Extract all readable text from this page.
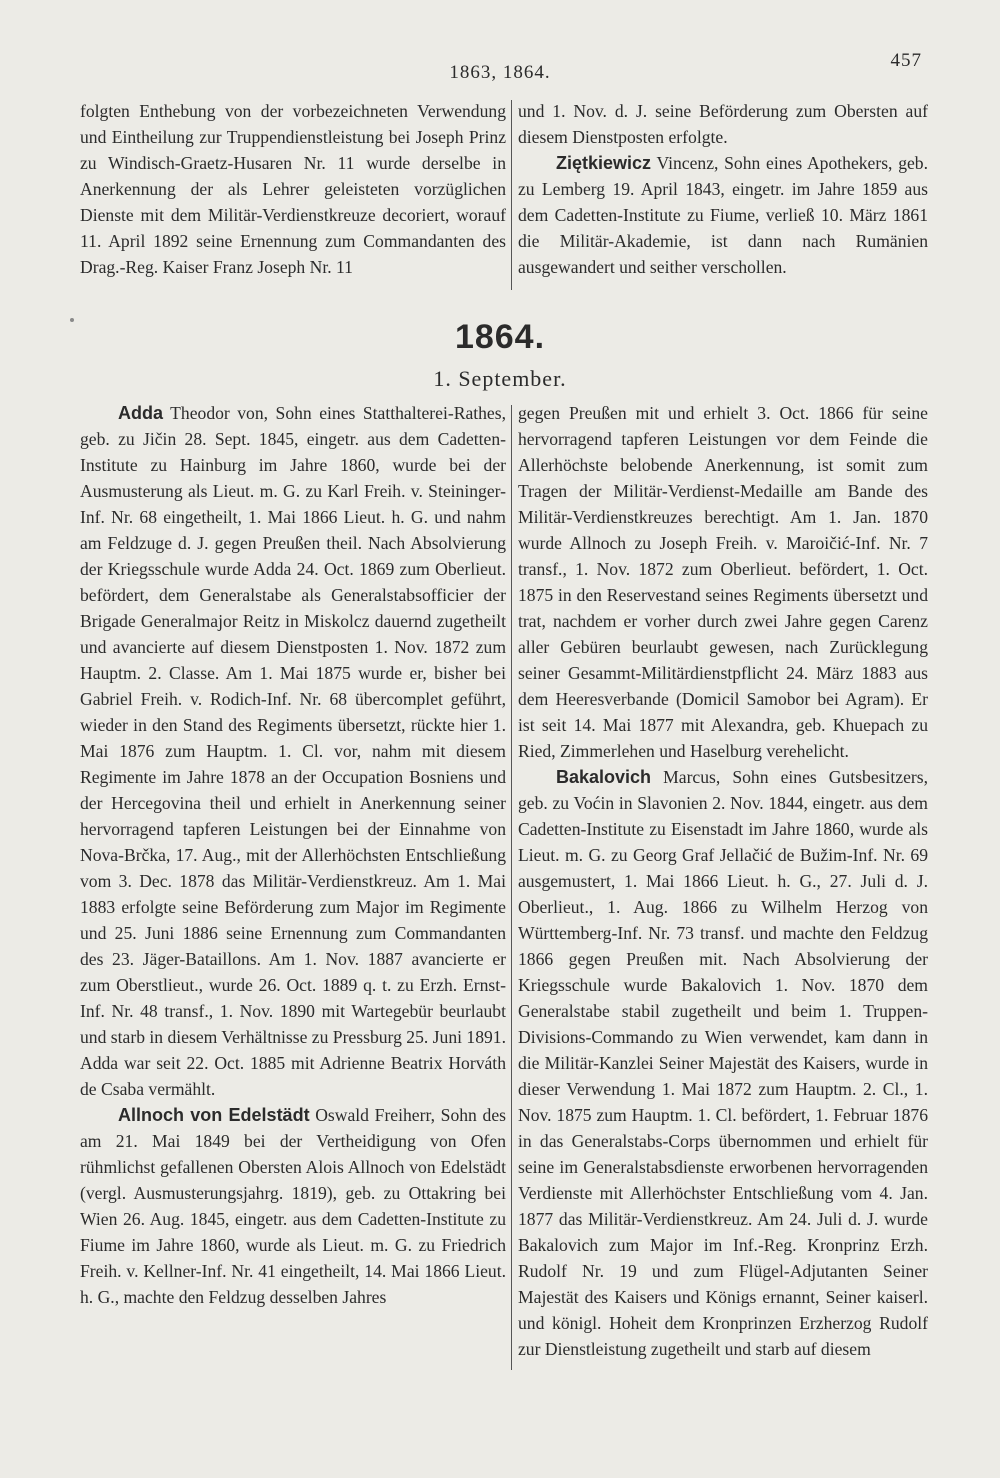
1863, 1864.
457

folgten Enthebung von der vorbezeichneten Verwendung und Eintheilung zur Truppendienstleistung bei Joseph Prinz zu Windisch-Graetz-Husaren Nr. 11 wurde derselbe in Anerkennung der als Lehrer geleisteten vorzüglichen Dienste mit dem Militär-Verdienstkreuze decoriert, worauf 11. April 1892 seine Ernennung zum Commandanten des Drag.-Reg. Kaiser Franz Joseph Nr. 11

und 1. Nov. d. J. seine Beförderung zum Obersten auf diesem Dienstposten erfolgte.

Ziętkiewicz Vincenz, Sohn eines Apothekers, geb. zu Lemberg 19. April 1843, eingetr. im Jahre 1859 aus dem Cadetten-Institute zu Fiume, verließ 10. März 1861 die Militär-Akademie, ist dann nach Rumänien ausgewandert und seither verschollen.

1864.
1. September.

Adda Theodor von, Sohn eines Statthalterei-Rathes, geb. zu Jičin 28. Sept. 1845, eingetr. aus dem Cadetten-Institute zu Hainburg im Jahre 1860, wurde bei der Ausmusterung als Lieut. m. G. zu Karl Freih. v. Steininger-Inf. Nr. 68 eingetheilt, 1. Mai 1866 Lieut. h. G. und nahm am Feldzuge d. J. gegen Preußen theil. Nach Absolvierung der Kriegsschule wurde Adda 24. Oct. 1869 zum Oberlieut. befördert, dem Generalstabe als Generalstabsofficier der Brigade Generalmajor Reitz in Miskolcz dauernd zugetheilt und avancierte auf diesem Dienstposten 1. Nov. 1872 zum Hauptm. 2. Classe. Am 1. Mai 1875 wurde er, bisher bei Gabriel Freih. v. Rodich-Inf. Nr. 68 übercomplet geführt, wieder in den Stand des Regiments übersetzt, rückte hier 1. Mai 1876 zum Hauptm. 1. Cl. vor, nahm mit diesem Regimente im Jahre 1878 an der Occupation Bosniens und der Hercegovina theil und erhielt in Anerkennung seiner hervorragend tapferen Leistungen bei der Einnahme von Nova-Brčka, 17. Aug., mit der Allerhöchsten Entschließung vom 3. Dec. 1878 das Militär-Verdienstkreuz. Am 1. Mai 1883 erfolgte seine Beförderung zum Major im Regimente und 25. Juni 1886 seine Ernennung zum Commandanten des 23. Jäger-Bataillons. Am 1. Nov. 1887 avancierte er zum Oberstlieut., wurde 26. Oct. 1889 q. t. zu Erzh. Ernst-Inf. Nr. 48 transf., 1. Nov. 1890 mit Wartegebür beurlaubt und starb in diesem Verhältnisse zu Pressburg 25. Juni 1891. Adda war seit 22. Oct. 1885 mit Adrienne Beatrix Horváth de Csaba vermählt.

Allnoch von Edelstädt Oswald Freiherr, Sohn des am 21. Mai 1849 bei der Vertheidigung von Ofen rühmlichst gefallenen Obersten Alois Allnoch von Edelstädt (vergl. Ausmusterungsjahrg. 1819), geb. zu Ottakring bei Wien 26. Aug. 1845, eingetr. aus dem Cadetten-Institute zu Fiume im Jahre 1860, wurde als Lieut. m. G. zu Friedrich Freih. v. Kellner-Inf. Nr. 41 eingetheilt, 14. Mai 1866 Lieut. h. G., machte den Feldzug desselben Jahres

gegen Preußen mit und erhielt 3. Oct. 1866 für seine hervorragend tapferen Leistungen vor dem Feinde die Allerhöchste belobende Anerkennung, ist somit zum Tragen der Militär-Verdienst-Medaille am Bande des Militär-Verdienstkreuzes berechtigt. Am 1. Jan. 1870 wurde Allnoch zu Joseph Freih. v. Maroičić-Inf. Nr. 7 transf., 1. Nov. 1872 zum Oberlieut. befördert, 1. Oct. 1875 in den Reservestand seines Regiments übersetzt und trat, nachdem er vorher durch zwei Jahre gegen Carenz aller Gebüren beurlaubt gewesen, nach Zurücklegung seiner Gesammt-Militärdienstpflicht 24. März 1883 aus dem Heeresverbande (Domicil Samobor bei Agram). Er ist seit 14. Mai 1877 mit Alexandra, geb. Khuepach zu Ried, Zimmerlehen und Haselburg verehelicht.

Bakalovich Marcus, Sohn eines Gutsbesitzers, geb. zu Voćin in Slavonien 2. Nov. 1844, eingetr. aus dem Cadetten-Institute zu Eisenstadt im Jahre 1860, wurde als Lieut. m. G. zu Georg Graf Jellačić de Bužim-Inf. Nr. 69 ausgemustert, 1. Mai 1866 Lieut. h. G., 27. Juli d. J. Oberlieut., 1. Aug. 1866 zu Wilhelm Herzog von Württemberg-Inf. Nr. 73 transf. und machte den Feldzug 1866 gegen Preußen mit. Nach Absolvierung der Kriegsschule wurde Bakalovich 1. Nov. 1870 dem Generalstabe stabil zugetheilt und beim 1. Truppen-Divisions-Commando zu Wien verwendet, kam dann in die Militär-Kanzlei Seiner Majestät des Kaisers, wurde in dieser Verwendung 1. Mai 1872 zum Hauptm. 2. Cl., 1. Nov. 1875 zum Hauptm. 1. Cl. befördert, 1. Februar 1876 in das Generalstabs-Corps übernommen und erhielt für seine im Generalstabsdienste erworbenen hervorragenden Verdienste mit Allerhöchster Entschließung vom 4. Jan. 1877 das Militär-Verdienstkreuz. Am 24. Juli d. J. wurde Bakalovich zum Major im Inf.-Reg. Kronprinz Erzh. Rudolf Nr. 19 und zum Flügel-Adjutanten Seiner Majestät des Kaisers und Königs ernannt, Seiner kaiserl. und königl. Hoheit dem Kronprinzen Erzherzog Rudolf zur Dienstleistung zugetheilt und starb auf diesem
